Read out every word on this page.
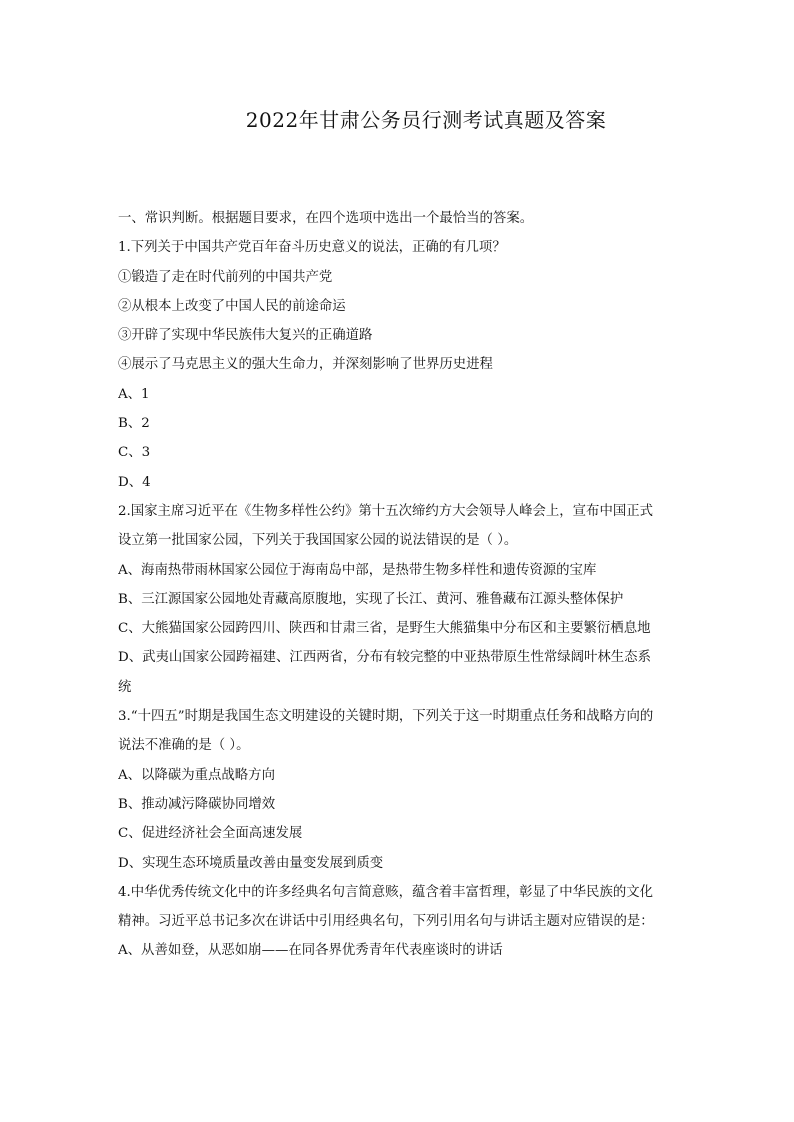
2022年甘肃公务员行测考试真题及答案
一、常识判断。根据题目要求，在四个选项中选出一个最恰当的答案。
1.下列关于中国共产党百年奋斗历史意义的说法，正确的有几项？
①锻造了走在时代前列的中国共产党
②从根本上改变了中国人民的前途命运
③开辟了实现中华民族伟大复兴的正确道路
④展示了马克思主义的强大生命力，并深刻影响了世界历史进程
A、1
B、2
C、3
D、4
2.国家主席习近平在《生物多样性公约》第十五次缔约方大会领导人峰会上，宣布中国正式
设立第一批国家公园，下列关于我国国家公园的说法错误的是（ ）。
A、海南热带雨林国家公园位于海南岛中部，是热带生物多样性和遗传资源的宝库
B、三江源国家公园地处青藏高原腹地，实现了长江、黄河、雅鲁藏布江源头整体保护
C、大熊猫国家公园跨四川、陕西和甘肃三省，是野生大熊猫集中分布区和主要繁衍栖息地
D、武夷山国家公园跨福建、江西两省，分布有较完整的中亚热带原生性常绿阔叶林生态系
统
3.“十四五”时期是我国生态文明建设的关键时期，下列关于这一时期重点任务和战略方向的
说法不准确的是（ ）。
A、以降碳为重点战略方向
B、推动减污降碳协同增效
C、促进经济社会全面高速发展
D、实现生态环境质量改善由量变发展到质变
4.中华优秀传统文化中的许多经典名句言简意赅，蕴含着丰富哲理，彰显了中华民族的文化
精神。习近平总书记多次在讲话中引用经典名句，下列引用名句与讲话主题对应错误的是：
A、从善如登，从恶如崩——在同各界优秀青年代表座谈时的讲话
